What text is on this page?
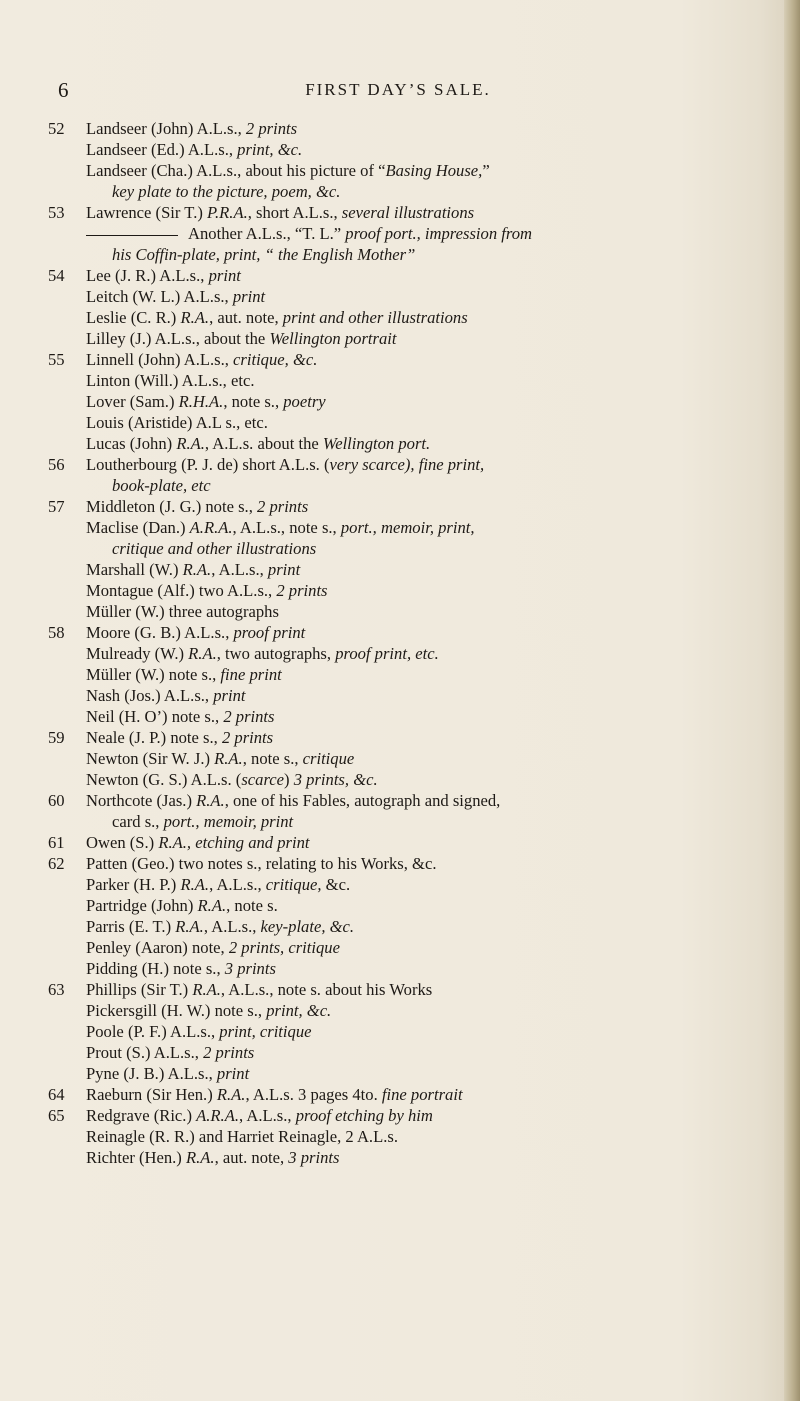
6	FIRST DAY’S SALE.
52 Landseer (John) A.L.s., 2 prints
Landseer (Ed.) A.L.s., print, &c.
Landseer (Cha.) A.L.s., about his picture of “Basing House,”
key plate to the picture, poem, &c.
53 Lawrence (Sir T.) P.R.A., short A.L.s., several illustrations
Another A.L.s., “T. L.” proof port., impression from
his Coffin-plate, print, “ the English Mother”
54 Lee (J. R.) A.L.s., print
Leitch (W. L.) A.L.s., print
Leslie (C. R.) R.A., aut. note, print and other illustrations
Lilley (J.) A.L.s., about the Wellington portrait
55 Linnell (John) A.L.s., critique, &c.
Linton (Will.) A.L.s., etc.
Lover (Sam.) R.H.A., note s., poetry
Louis (Aristide) A.L s., etc.
Lucas (John) R.A., A.L.s. about the Wellington port.
56 Loutherbourg (P. J. de) short A.L.s. (very scarce), fine print,
book-plate, etc
57 Middleton (J. G.) note s., 2 prints
Maclise (Dan.) A.R.A., A.L.s., note s., port., memoir, print,
critique and other illustrations
Marshall (W.) R.A., A.L.s., print
Montague (Alf.) two A.L.s., 2 prints
Müller (W.) three autographs
58 Moore (G. B.) A.L.s., proof print
Mulready (W.) R.A., two autographs, proof print, etc.
Müller (W.) note s., fine print
Nash (Jos.) A.L.s., print
Neil (H. O’) note s., 2 prints
59 Neale (J. P.) note s., 2 prints
Newton (Sir W. J.) R.A., note s., critique
Newton (G. S.) A.L.s. (scarce) 3 prints, &c.
60 Northcote (Jas.) R.A., one of his Fables, autograph and signed,
card s., port., memoir, print
61 Owen (S.) R.A., etching and print
62 Patten (Geo.) two notes s., relating to his Works, &c.
Parker (H. P.) R.A., A.L.s., critique, &c.
Partridge (John) R.A., note s.
Parris (E. T.) R.A., A.L.s., key-plate, &c.
Penley (Aaron) note, 2 prints, critique
Pidding (H.) note s., 3 prints
63 Phillips (Sir T.) R.A., A.L.s., note s. about his Works
Pickersgill (H. W.) note s., print, &c.
Poole (P. F.) A.L.s., print, critique
Prout (S.) A.L.s., 2 prints
Pyne (J. B.) A.L.s., print
64 Raeburn (Sir Hen.) R.A., A.L.s. 3 pages 4to. fine portrait
65 Redgrave (Ric.) A.R.A., A.L.s., proof etching by him
Reinagle (R. R.) and Harriet Reinagle, 2 A.L.s.
Richter (Hen.) R.A., aut. note, 3 prints
